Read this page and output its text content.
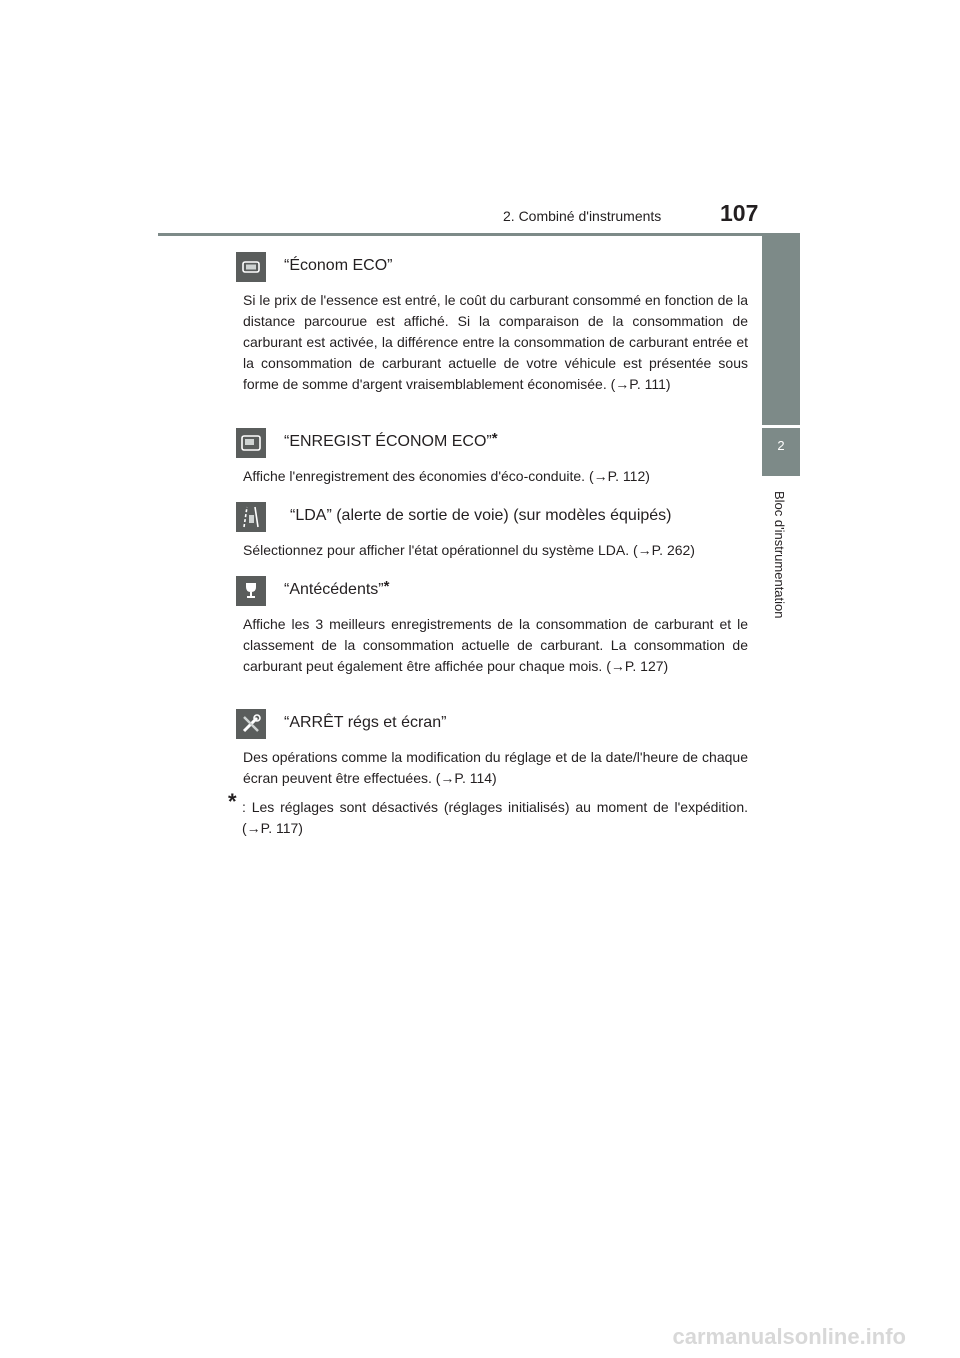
2. Combiné d'instruments	107
2
Bloc d'instrumentation
“Économ ECO”
Si le prix de l'essence est entré, le coût du carburant consommé en fonction de la distance parcourue est affiché. Si la comparaison de la consommation de carburant est activée, la différence entre la consommation de carburant entrée et la consommation de carburant actuelle de votre véhicule est présentée sous forme de somme d'argent vraisemblablement économisée. (→P. 111)
“ENREGIST ÉCONOM ECO”*
Affiche l'enregistrement des économies d'éco-conduite. (→P. 112)
“LDA” (alerte de sortie de voie) (sur modèles équipés)
Sélectionnez pour afficher l'état opérationnel du système LDA. (→P. 262)
“Antécédents”*
Affiche les 3 meilleurs enregistrements de la consommation de carburant et le classement de la consommation actuelle de carburant. La consommation de carburant peut également être affichée pour chaque mois. (→P. 127)
“ARRÊT régs et écran”
Des opérations comme la modification du réglage et de la date/l'heure de chaque écran peuvent être effectuées. (→P. 114)
* : Les réglages sont désactivés (réglages initialisés) au moment de l'expédition. (→P. 117)
carmanualsonline.info
